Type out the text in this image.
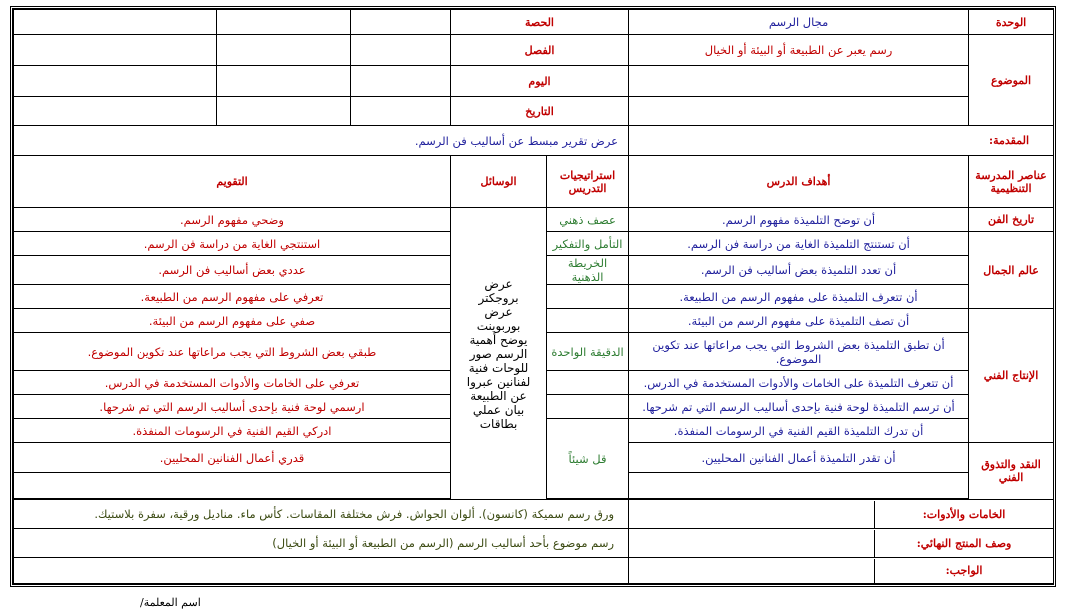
الوحدة	مجال الرسم	الحصة				
الموضوع	رسم يعبر عن الطبيعة أو البيئة أو الخيال	الفصل				
		اليوم				
		التاريخ				
المقدمة:		عرض تقرير مبسط عن أساليب فن الرسم.				
عناصر المدرسة التنظيمية	أهداف الدرس	استراتيجيات التدريس	الوسائل	التقويم		
تاريخ الفن	أن توضح التلميذة مفهوم الرسم.	عصف ذهني	عرض بروجكتر عرض بوربوينت يوضح أهمية الرسم صور للوحات فنية لفنانين عبروا عن الطبيعة بيان عملي بطاقات	وضحي مفهوم الرسم.		
عالم الجمال	أن تستنتج التلميذة الغاية من دراسة فن الرسم.	التأمل والتفكير		استنتجي الغاية من دراسة فن الرسم.		
	أن تعدد التلميذة بعض أساليب فن الرسم.	الخريطة الذهنية		عددي بعض أساليب فن الرسم.		
	أن تتعرف التلميذة على مفهوم الرسم من الطبيعة.			تعرفي على مفهوم الرسم من الطبيعة.		
الإنتاج الفني	أن تصف التلميذة على مفهوم الرسم من البيئة.			صفي على مفهوم الرسم من البيئة.		
	أن تطبق التلميذة بعض الشروط التي يجب مراعاتها عند تكوين الموضوع.	الدقيقة الواحدة		طبقي بعض الشروط التي يجب مراعاتها عند تكوين الموضوع.		
	أن تتعرف التلميذة على الخامات والأدوات المستخدمة في الدرس.			تعرفي على الخامات والأدوات المستخدمة في الدرس.		
	أن ترسم التلميذة لوحة فنية بإحدى أساليب الرسم التي تم شرحها.			ارسمي لوحة فنية بإحدى أساليب الرسم التي تم شرحها.		
	أن تدرك التلميذة القيم الفنية في الرسومات المنفذة.	قل شيئاً		ادركي القيم الفنية في الرسومات المنفذة.		
النقد والتذوق الفني	أن تقدر التلميذة أعمال الفنانين المحليين.			قدري أعمال الفنانين المحليين.		

الخامات والأدوات:		ورق رسم سميكة (كانسون). ألوان الجواش. فرش مختلفة المقاسات. كأس ماء. مناديل ورقية، سفرة بلاستيك.				
وصف المنتج النهائي:		رسم موضوع بأحد أساليب الرسم (الرسم من الطبيعة أو البيئة أو الخيال)				
الواجب:						
اسم المعلمة/
